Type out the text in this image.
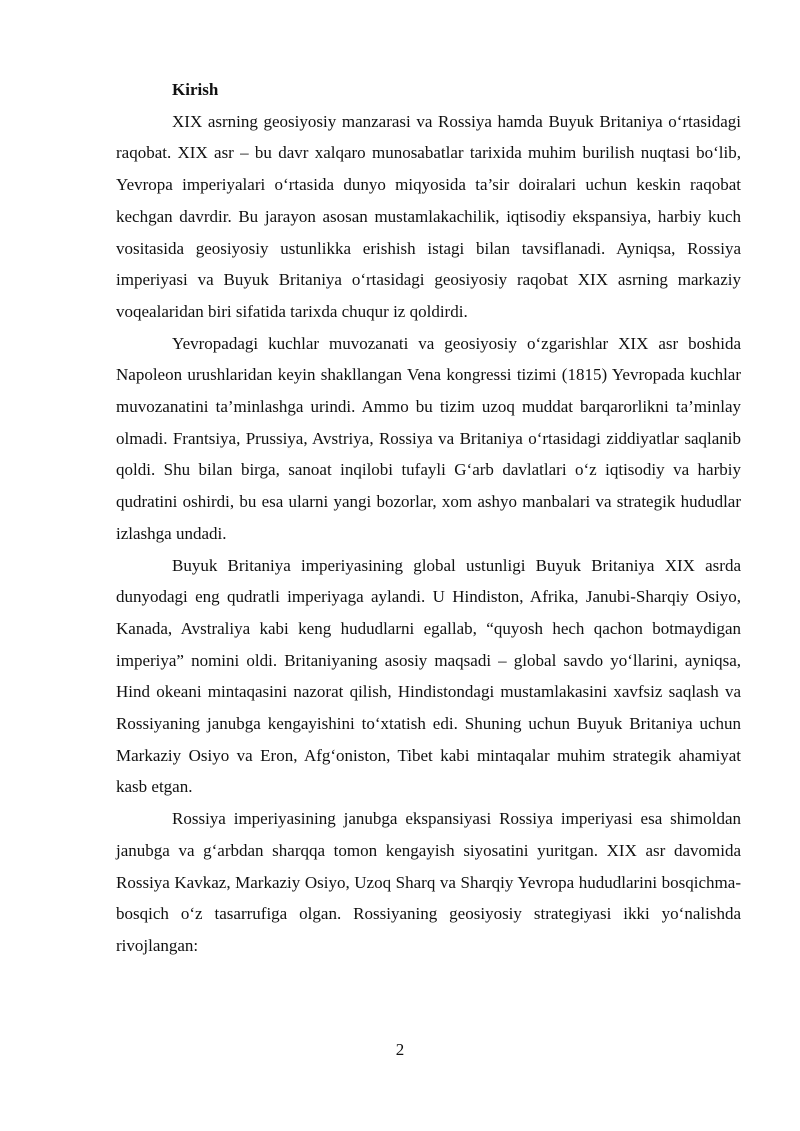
Kirish

XIX asrning geosiyosiy manzarasi va Rossiya hamda Buyuk Britaniya o‘rtasidagi raqobat. XIX asr – bu davr xalqaro munosabatlar tarixida muhim burilish nuqtasi bo‘lib, Yevropa imperiyalari o‘rtasida dunyo miqyosida ta’sir doiralari uchun keskin raqobat kechgan davrdir. Bu jarayon asosan mustamlakachilik, iqtisodiy ekspansiya, harbiy kuch vositasida geosiyosiy ustunlikka erishish istagi bilan tavsiflanadi. Ayniqsa, Rossiya imperiyasi va Buyuk Britaniya o‘rtasidagi geosiyosiy raqobat XIX asrning markaziy voqealaridan biri sifatida tarixda chuqur iz qoldirdi.

Yevropadagi kuchlar muvozanati va geosiyosiy o‘zgarishlar XIX asr boshida Napoleon urushlaridan keyin shakllangan Vena kongressi tizimi (1815) Yevropada kuchlar muvozanatini ta’minlashga urindi. Ammo bu tizim uzoq muddat barqarorlikni ta’minlay olmadi. Frantsiya, Prussiya, Avstriya, Rossiya va Britaniya o‘rtasidagi ziddiyatlar saqlanib qoldi. Shu bilan birga, sanoat inqilobi tufayli G‘arb davlatlari o‘z iqtisodiy va harbiy qudratini oshirdi, bu esa ularni yangi bozorlar, xom ashyo manbalari va strategik hududlar izlashga undadi.

Buyuk Britaniya imperiyasining global ustunligi Buyuk Britaniya XIX asrda dunyodagi eng qudratli imperiyaga aylandi. U Hindiston, Afrika, Janubi-Sharqiy Osiyo, Kanada, Avstraliya kabi keng hududlarni egallab, “quyosh hech qachon botmaydigan imperiya” nomini oldi. Britaniyaning asosiy maqsadi – global savdo yo‘llarini, ayniqsa, Hind okeani mintaqasini nazorat qilish, Hindistondagi mustamlakasini xavfsiz saqlash va Rossiyaning janubga kengayishini to‘xtatish edi. Shuning uchun Buyuk Britaniya uchun Markaziy Osiyo va Eron, Afg‘oniston, Tibet kabi mintaqalar muhim strategik ahamiyat kasb etgan.

Rossiya imperiyasining janubga ekspansiyasi Rossiya imperiyasi esa shimoldan janubga va g‘arbdan sharqqa tomon kengayish siyosatini yuritgan. XIX asr davomida Rossiya Kavkaz, Markaziy Osiyo, Uzoq Sharq va Sharqiy Yevropa hududlarini bosqichma-bosqich o‘z tasarrufiga olgan. Rossiyaning geosiyosiy strategiyasi ikki yo‘nalishda rivojlangan:

2
